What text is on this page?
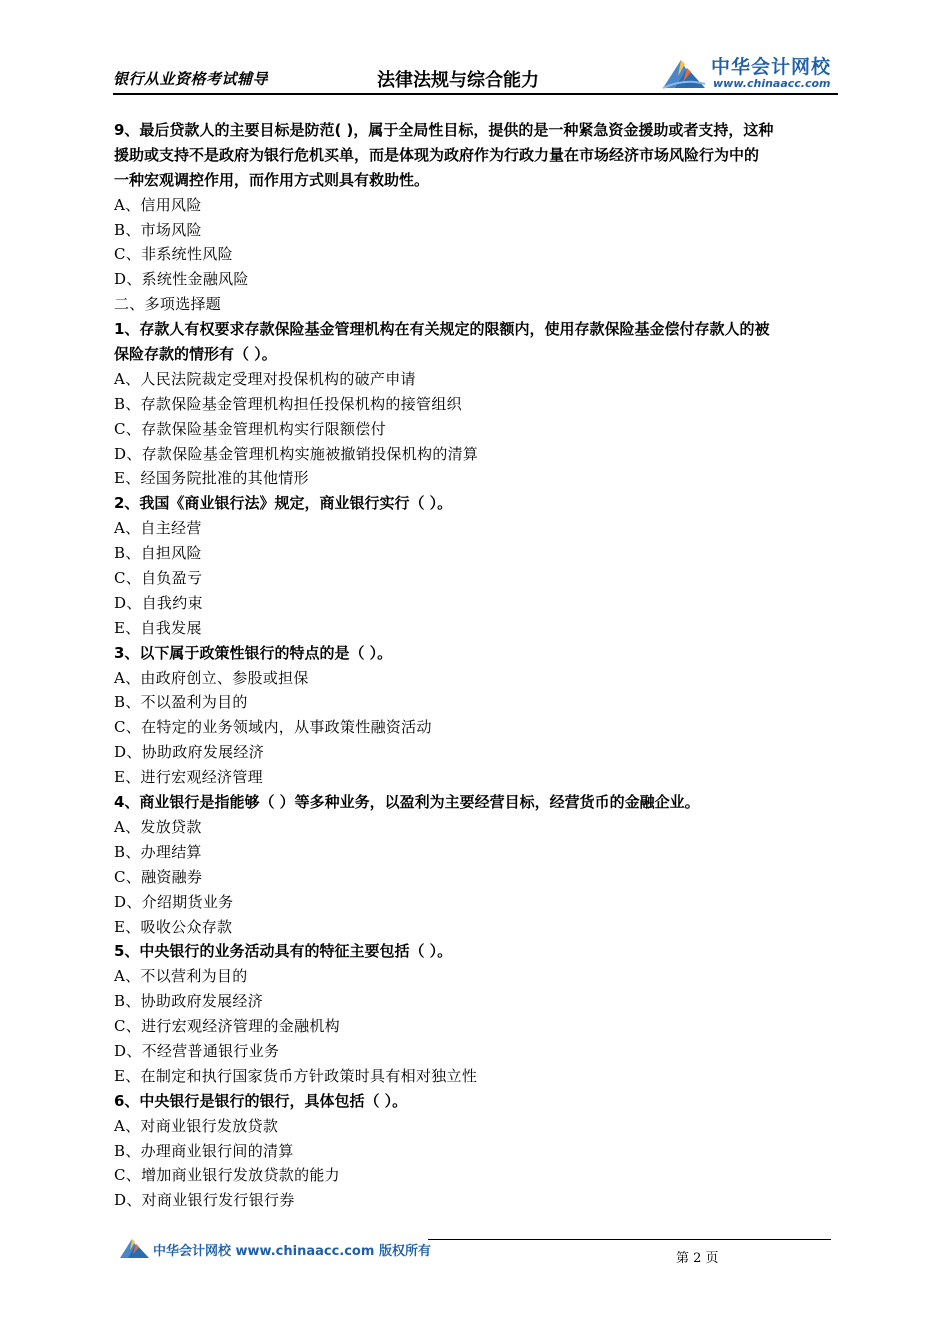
银行从业资格考试辅导	法律法规与综合能力
中华会计网校
www.chinaacc.com
9、最后贷款人的主要目标是防范( )，属于全局性目标，提供的是一种紧急资金援助或者支持，这种
援助或支持不是政府为银行危机买单，而是体现为政府作为行政力量在市场经济市场风险行为中的
一种宏观调控作用，而作用方式则具有救助性。
A、信用风险
B、市场风险
C、非系统性风险
D、系统性金融风险
二、多项选择题
1、存款人有权要求存款保险基金管理机构在有关规定的限额内，使用存款保险基金偿付存款人的被
保险存款的情形有（ ）。
A、人民法院裁定受理对投保机构的破产申请
B、存款保险基金管理机构担任投保机构的接管组织
C、存款保险基金管理机构实行限额偿付
D、存款保险基金管理机构实施被撤销投保机构的清算
E、经国务院批准的其他情形
2、我国《商业银行法》规定，商业银行实行（ ）。
A、自主经营
B、自担风险
C、自负盈亏
D、自我约束
E、自我发展
3、以下属于政策性银行的特点的是（ ）。
A、由政府创立、参股或担保
B、不以盈利为目的
C、在特定的业务领域内，从事政策性融资活动
D、协助政府发展经济
E、进行宏观经济管理
4、商业银行是指能够（ ）等多种业务，以盈利为主要经营目标，经营货币的金融企业。
A、发放贷款
B、办理结算
C、融资融券
D、介绍期货业务
E、吸收公众存款
5、中央银行的业务活动具有的特征主要包括（ ）。
A、不以营利为目的
B、协助政府发展经济
C、进行宏观经济管理的金融机构
D、不经营普通银行业务
E、在制定和执行国家货币方针政策时具有相对独立性
6、中央银行是银行的银行，具体包括（ ）。
A、对商业银行发放贷款
B、办理商业银行间的清算
C、增加商业银行发放贷款的能力
D、对商业银行发行银行券
中华会计网校 www.chinaacc.com 版权所有	第 2 页
